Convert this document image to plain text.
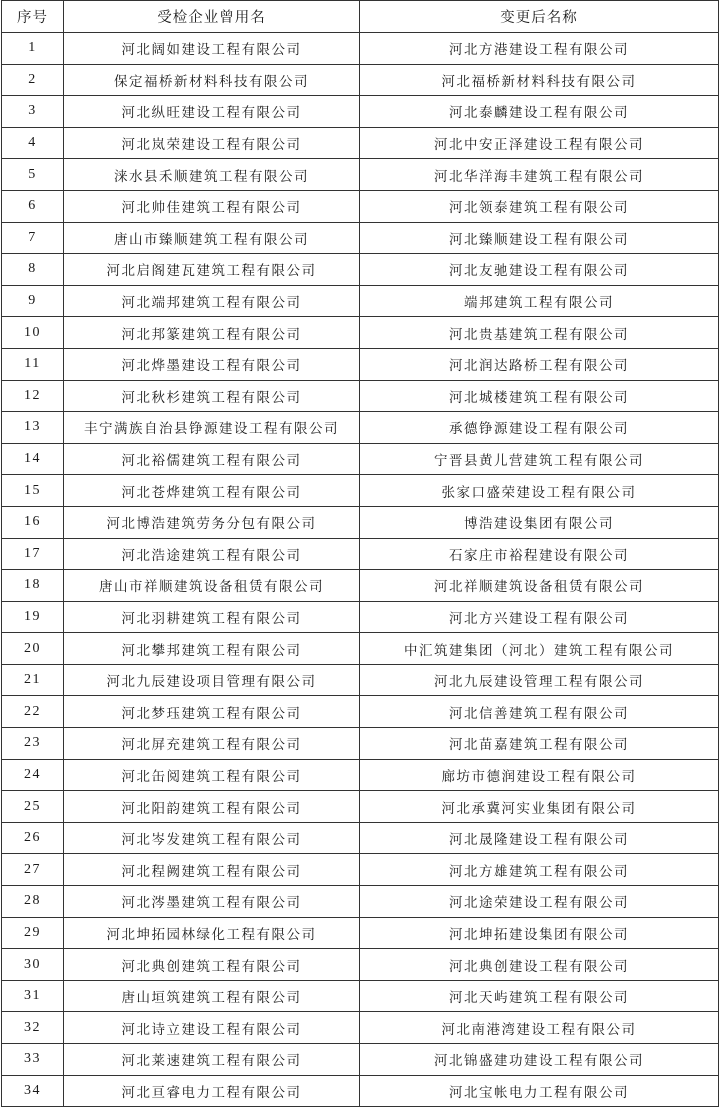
序号	受检企业曾用名	变更后名称
1	河北阔如建设工程有限公司	河北方港建设工程有限公司
2	保定福桥新材料科技有限公司	河北福桥新材料科技有限公司
3	河北纵旺建设工程有限公司	河北泰麟建设工程有限公司
4	河北岚荣建设工程有限公司	河北中安正泽建设工程有限公司
5	涞水县禾顺建筑工程有限公司	河北华洋海丰建筑工程有限公司
6	河北帅佳建筑工程有限公司	河北领泰建筑工程有限公司
7	唐山市臻顺建筑工程有限公司	河北臻顺建设工程有限公司
8	河北启阁建瓦建筑工程有限公司	河北友驰建设工程有限公司
9	河北端邦建筑工程有限公司	端邦建筑工程有限公司
10	河北邦篆建筑工程有限公司	河北贵基建筑工程有限公司
11	河北烨墨建设工程有限公司	河北润达路桥工程有限公司
12	河北秋杉建筑工程有限公司	河北城楼建筑工程有限公司
13	丰宁满族自治县铮源建设工程有限公司	承德铮源建设工程有限公司
14	河北裕儒建筑工程有限公司	宁晋县黄儿营建筑工程有限公司
15	河北苍烨建筑工程有限公司	张家口盛荣建设工程有限公司
16	河北博浩建筑劳务分包有限公司	博浩建设集团有限公司
17	河北浩途建筑工程有限公司	石家庄市裕程建设有限公司
18	唐山市祥顺建筑设备租赁有限公司	河北祥顺建筑设备租赁有限公司
19	河北羽耕建筑工程有限公司	河北方兴建设工程有限公司
20	河北攀邦建筑工程有限公司	中汇筑建集团（河北）建筑工程有限公司
21	河北九辰建设项目管理有限公司	河北九辰建设管理工程有限公司
22	河北梦珏建筑工程有限公司	河北信善建筑工程有限公司
23	河北屏充建筑工程有限公司	河北苗嘉建筑工程有限公司
24	河北缶阅建筑工程有限公司	廊坊市德润建设工程有限公司
25	河北阳韵建筑工程有限公司	河北承冀河实业集团有限公司
26	河北岑发建筑工程有限公司	河北晟隆建设工程有限公司
27	河北程阙建筑工程有限公司	河北方雄建筑工程有限公司
28	河北涔墨建筑工程有限公司	河北途荣建设工程有限公司
29	河北坤拓园林绿化工程有限公司	河北坤拓建设集团有限公司
30	河北典创建筑工程有限公司	河北典创建设工程有限公司
31	唐山垣筑建筑工程有限公司	河北天屿建筑工程有限公司
32	河北诗立建设工程有限公司	河北南港湾建设工程有限公司
33	河北莱速建筑工程有限公司	河北锦盛建功建设工程有限公司
34	河北亘睿电力工程有限公司	河北宝帐电力工程有限公司
